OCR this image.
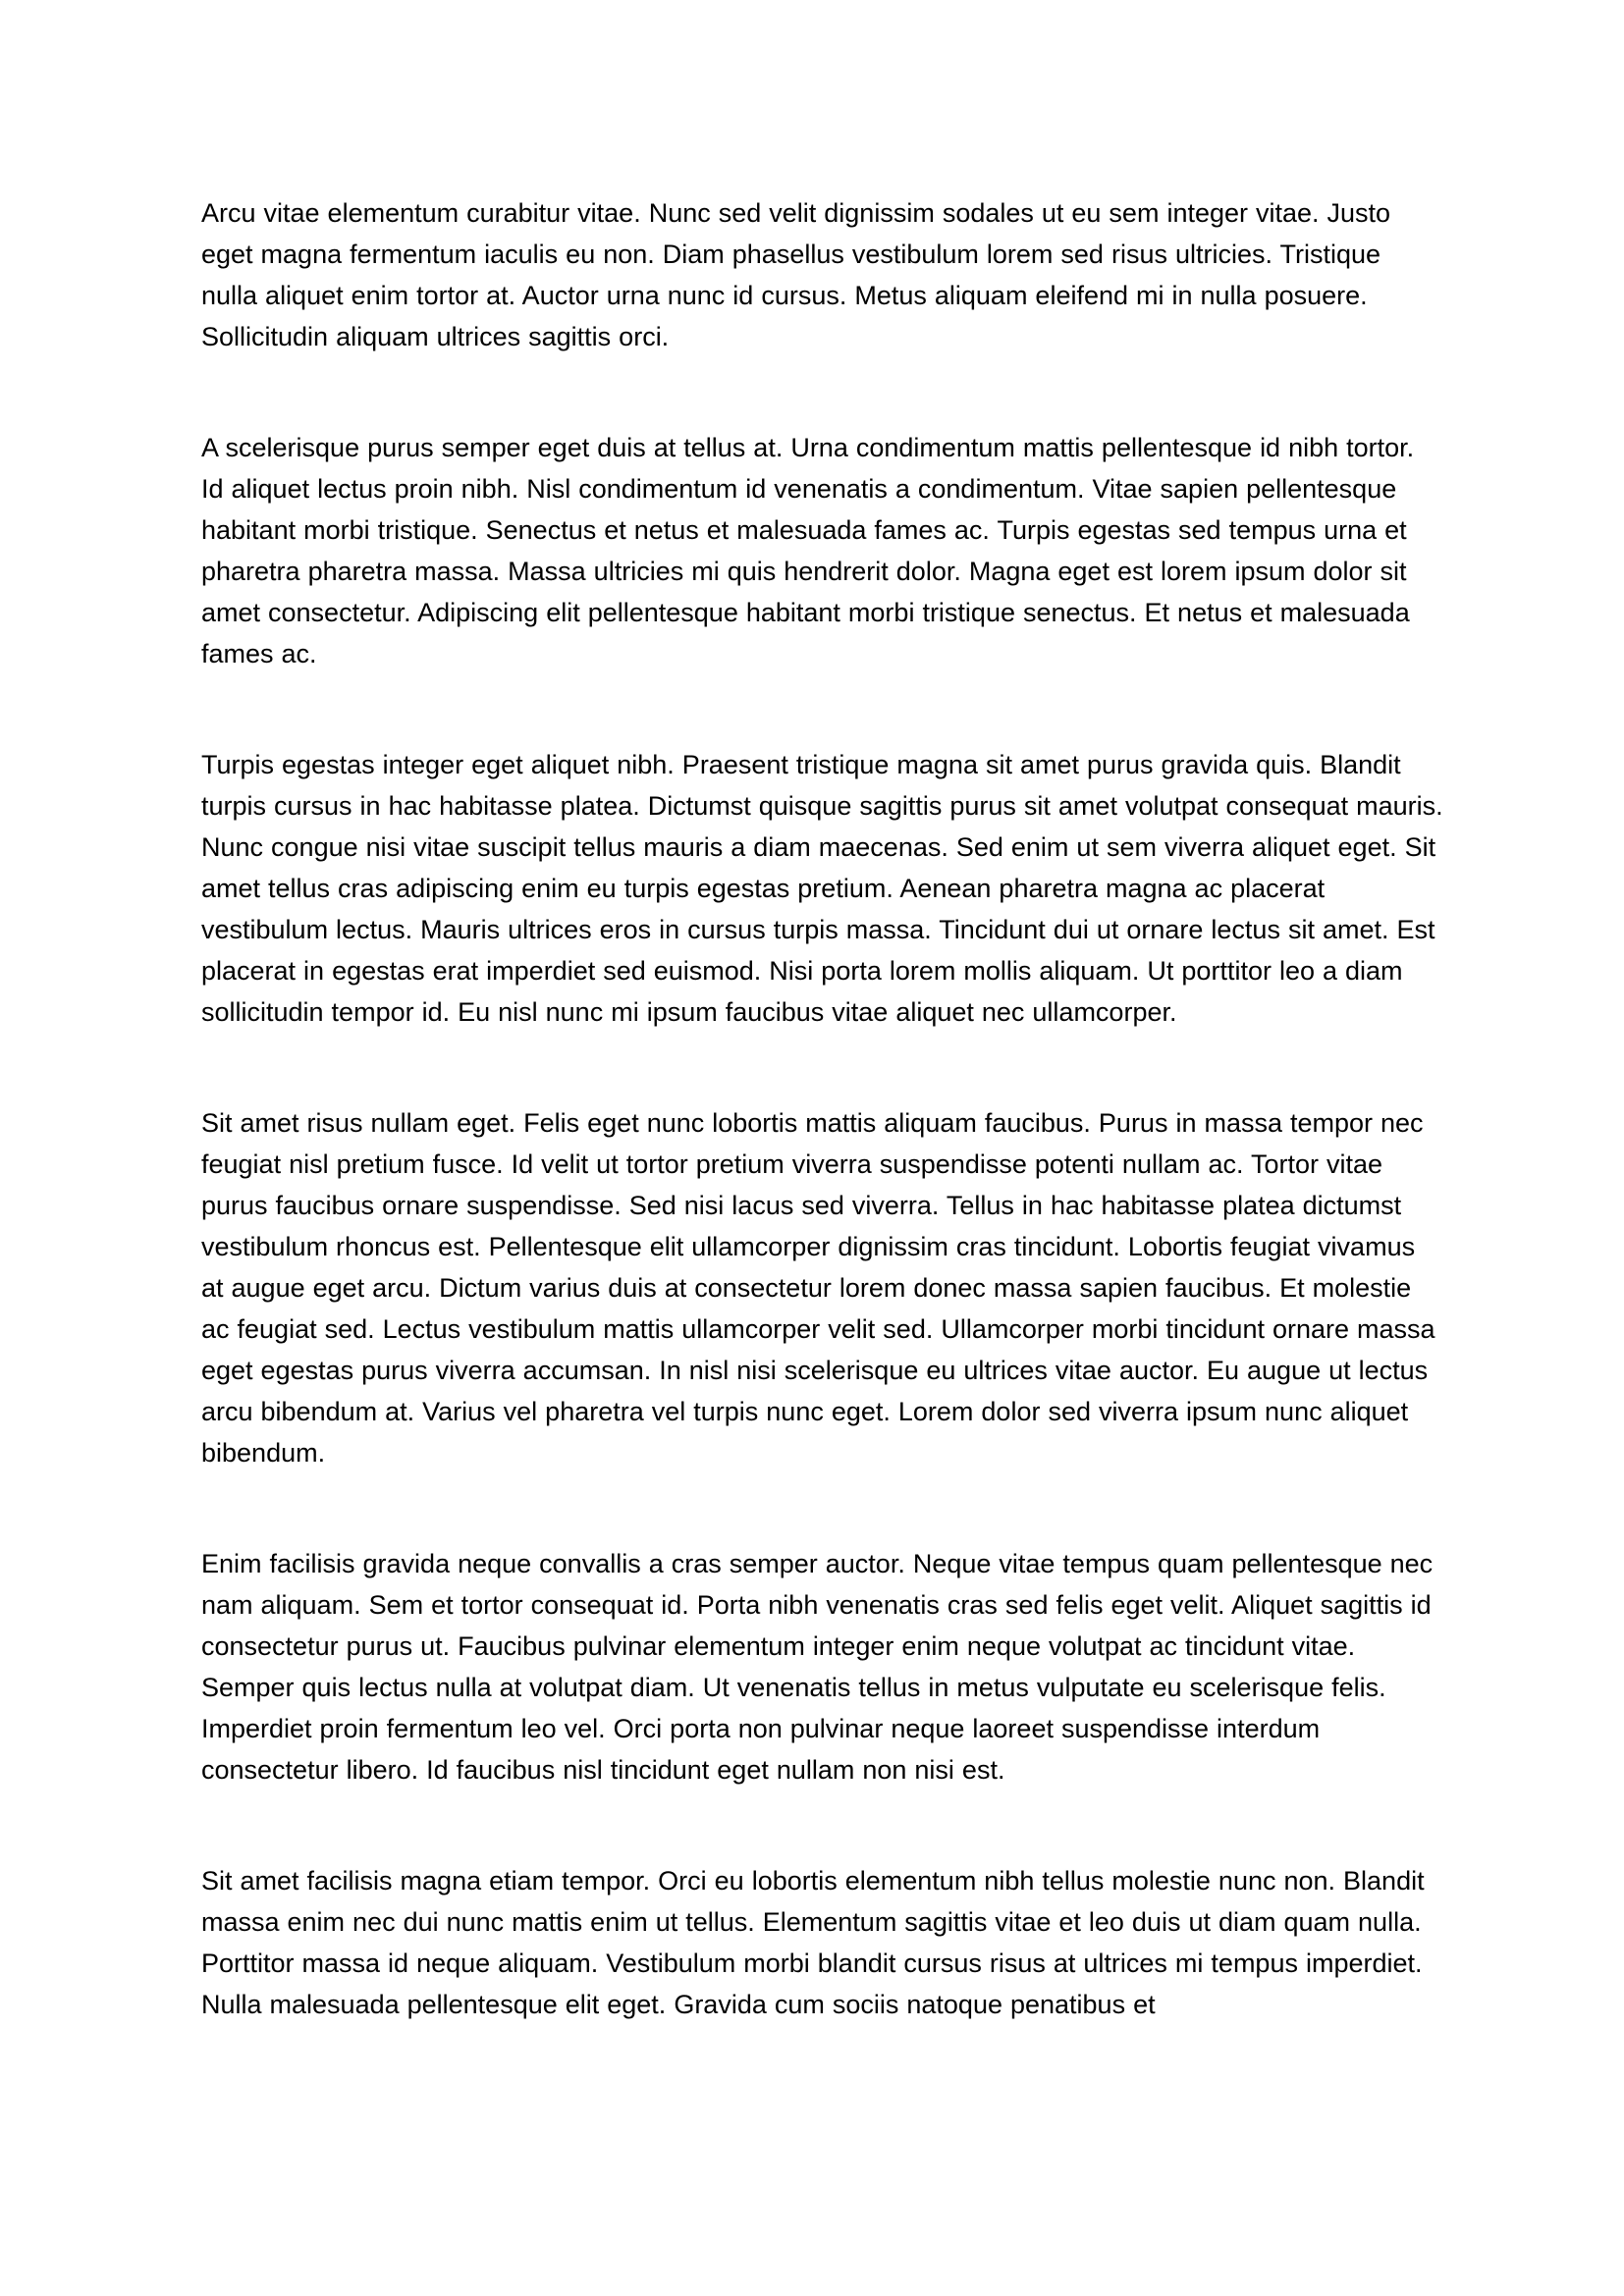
Arcu vitae elementum curabitur vitae. Nunc sed velit dignissim sodales ut eu sem integer vitae. Justo eget magna fermentum iaculis eu non. Diam phasellus vestibulum lorem sed risus ultricies. Tristique nulla aliquet enim tortor at. Auctor urna nunc id cursus. Metus aliquam eleifend mi in nulla posuere. Sollicitudin aliquam ultrices sagittis orci.

A scelerisque purus semper eget duis at tellus at. Urna condimentum mattis pellentesque id nibh tortor. Id aliquet lectus proin nibh. Nisl condimentum id venenatis a condimentum. Vitae sapien pellentesque habitant morbi tristique. Senectus et netus et malesuada fames ac. Turpis egestas sed tempus urna et pharetra pharetra massa. Massa ultricies mi quis hendrerit dolor. Magna eget est lorem ipsum dolor sit amet consectetur. Adipiscing elit pellentesque habitant morbi tristique senectus. Et netus et malesuada fames ac.

Turpis egestas integer eget aliquet nibh. Praesent tristique magna sit amet purus gravida quis. Blandit turpis cursus in hac habitasse platea. Dictumst quisque sagittis purus sit amet volutpat consequat mauris. Nunc congue nisi vitae suscipit tellus mauris a diam maecenas. Sed enim ut sem viverra aliquet eget. Sit amet tellus cras adipiscing enim eu turpis egestas pretium. Aenean pharetra magna ac placerat vestibulum lectus. Mauris ultrices eros in cursus turpis massa. Tincidunt dui ut ornare lectus sit amet. Est placerat in egestas erat imperdiet sed euismod. Nisi porta lorem mollis aliquam. Ut porttitor leo a diam sollicitudin tempor id. Eu nisl nunc mi ipsum faucibus vitae aliquet nec ullamcorper.

Sit amet risus nullam eget. Felis eget nunc lobortis mattis aliquam faucibus. Purus in massa tempor nec feugiat nisl pretium fusce. Id velit ut tortor pretium viverra suspendisse potenti nullam ac. Tortor vitae purus faucibus ornare suspendisse. Sed nisi lacus sed viverra. Tellus in hac habitasse platea dictumst vestibulum rhoncus est. Pellentesque elit ullamcorper dignissim cras tincidunt. Lobortis feugiat vivamus at augue eget arcu. Dictum varius duis at consectetur lorem donec massa sapien faucibus. Et molestie ac feugiat sed. Lectus vestibulum mattis ullamcorper velit sed. Ullamcorper morbi tincidunt ornare massa eget egestas purus viverra accumsan. In nisl nisi scelerisque eu ultrices vitae auctor. Eu augue ut lectus arcu bibendum at. Varius vel pharetra vel turpis nunc eget. Lorem dolor sed viverra ipsum nunc aliquet bibendum.

Enim facilisis gravida neque convallis a cras semper auctor. Neque vitae tempus quam pellentesque nec nam aliquam. Sem et tortor consequat id. Porta nibh venenatis cras sed felis eget velit. Aliquet sagittis id consectetur purus ut. Faucibus pulvinar elementum integer enim neque volutpat ac tincidunt vitae. Semper quis lectus nulla at volutpat diam. Ut venenatis tellus in metus vulputate eu scelerisque felis. Imperdiet proin fermentum leo vel. Orci porta non pulvinar neque laoreet suspendisse interdum consectetur libero. Id faucibus nisl tincidunt eget nullam non nisi est.

Sit amet facilisis magna etiam tempor. Orci eu lobortis elementum nibh tellus molestie nunc non. Blandit massa enim nec dui nunc mattis enim ut tellus. Elementum sagittis vitae et leo duis ut diam quam nulla. Porttitor massa id neque aliquam. Vestibulum morbi blandit cursus risus at ultrices mi tempus imperdiet. Nulla malesuada pellentesque elit eget. Gravida cum sociis natoque penatibus et
